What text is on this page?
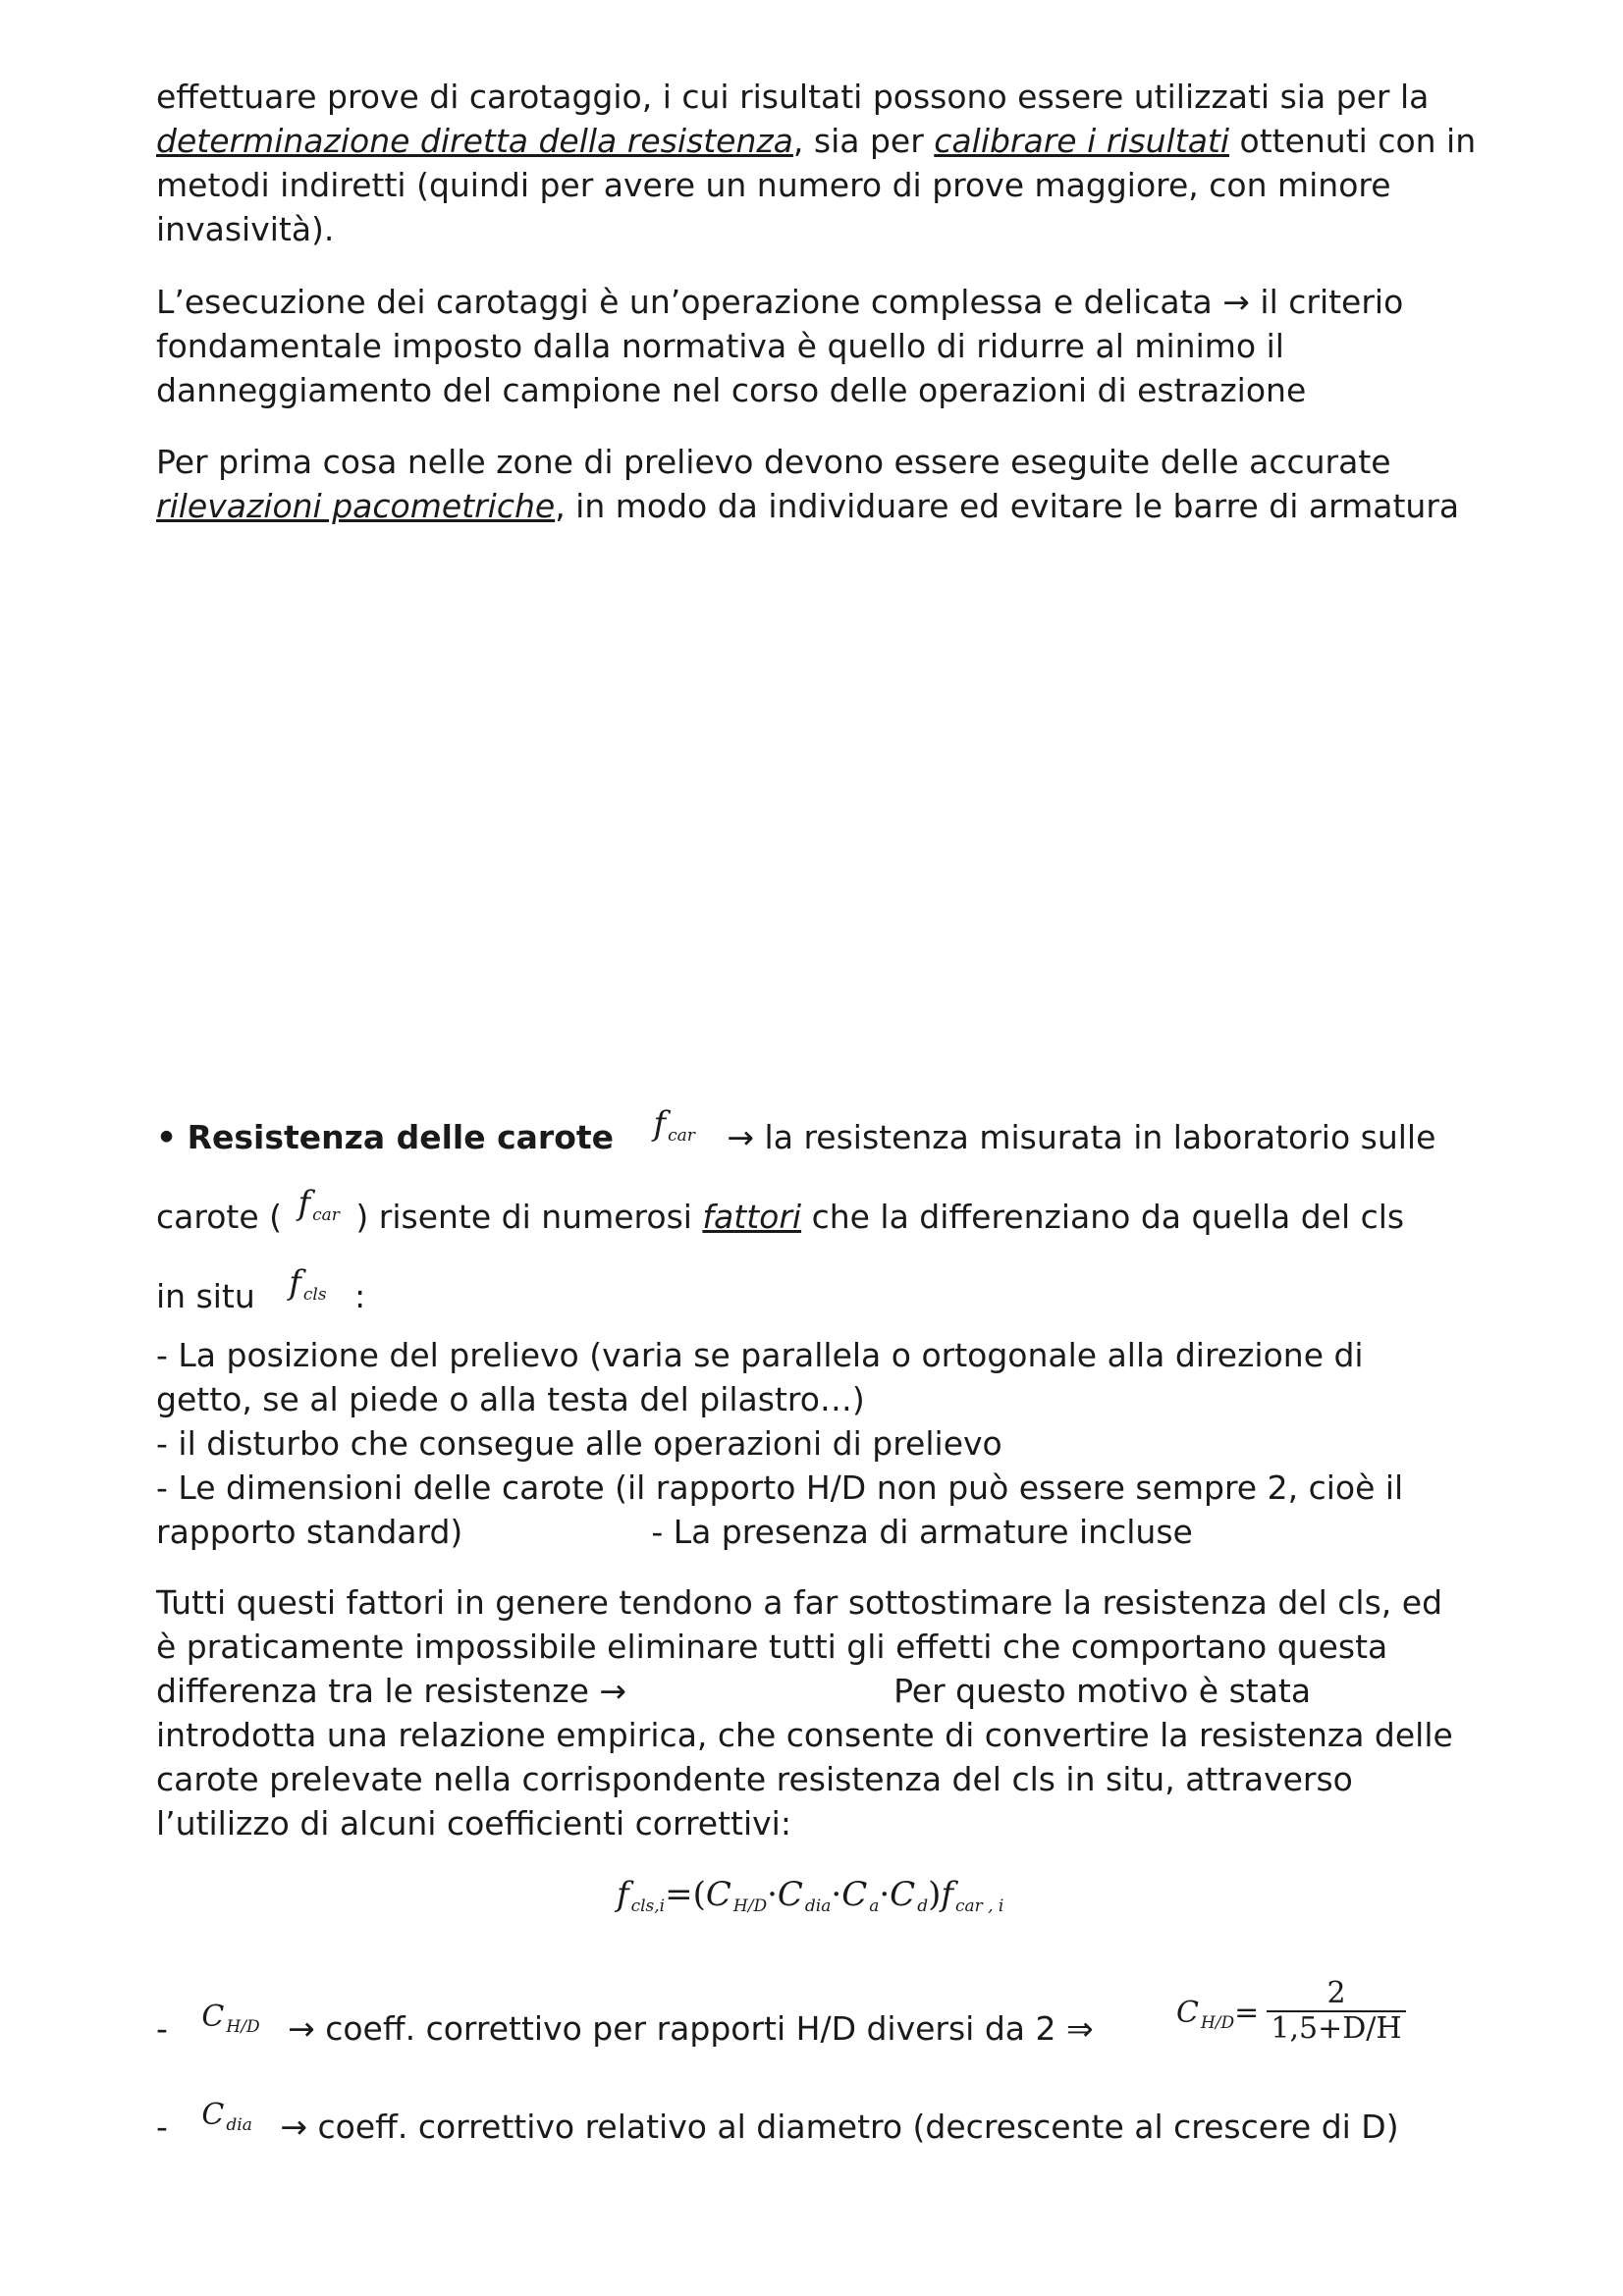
effettuare prove di carotaggio, i cui risultati possono essere utilizzati sia per la determinazione diretta della resistenza, sia per calibrare i risultati ottenuti con in metodi indiretti (quindi per avere un numero di prove maggiore, con minore invasività).

L’esecuzione dei carotaggi è un’operazione complessa e delicata → il criterio fondamentale imposto dalla normativa è quello di ridurre al minimo il danneggiamento del campione nel corso delle operazioni di estrazione

Per prima cosa nelle zone di prelievo devono essere eseguite delle accurate rilevazioni pacometriche, in modo da individuare ed evitare le barre di armatura

• Resistenza delle carote f car → la resistenza misurata in laboratorio sulle
carote ( f car ) risente di numerosi fattori che la differenziano da quella del cls
in situ f cls :
- La posizione del prelievo (varia se parallela o ortogonale alla direzione di
getto, se al piede o alla testa del pilastro…)
- il disturbo che consegue alle operazioni di prelievo
- Le dimensioni delle carote (il rapporto H/D non può essere sempre 2, cioè il
rapporto standard)	- La presenza di armature incluse
Tutti questi fattori in genere tendono a far sottostimare la resistenza del cls, ed
è praticamente impossibile eliminare tutti gli effetti che comportano questa
differenza tra le resistenze →	Per questo motivo è stata
introdotta una relazione empirica, che consente di convertire la resistenza delle
carote prelevate nella corrispondente resistenza del cls in situ, attraverso
l’utilizzo di alcuni coefficienti correttivi:
fcls,i=(C H/D·C dia·C a·C d)f car , i
- C $_{H/D}$ → coeff. correttivo per rapporti H/D diversi da 2 ⇒	C $_{H/D}$=
2
1,5+D/H
- C $_{dia}$ → coeff. correttivo relativo al diametro (decrescente al crescere di D)
